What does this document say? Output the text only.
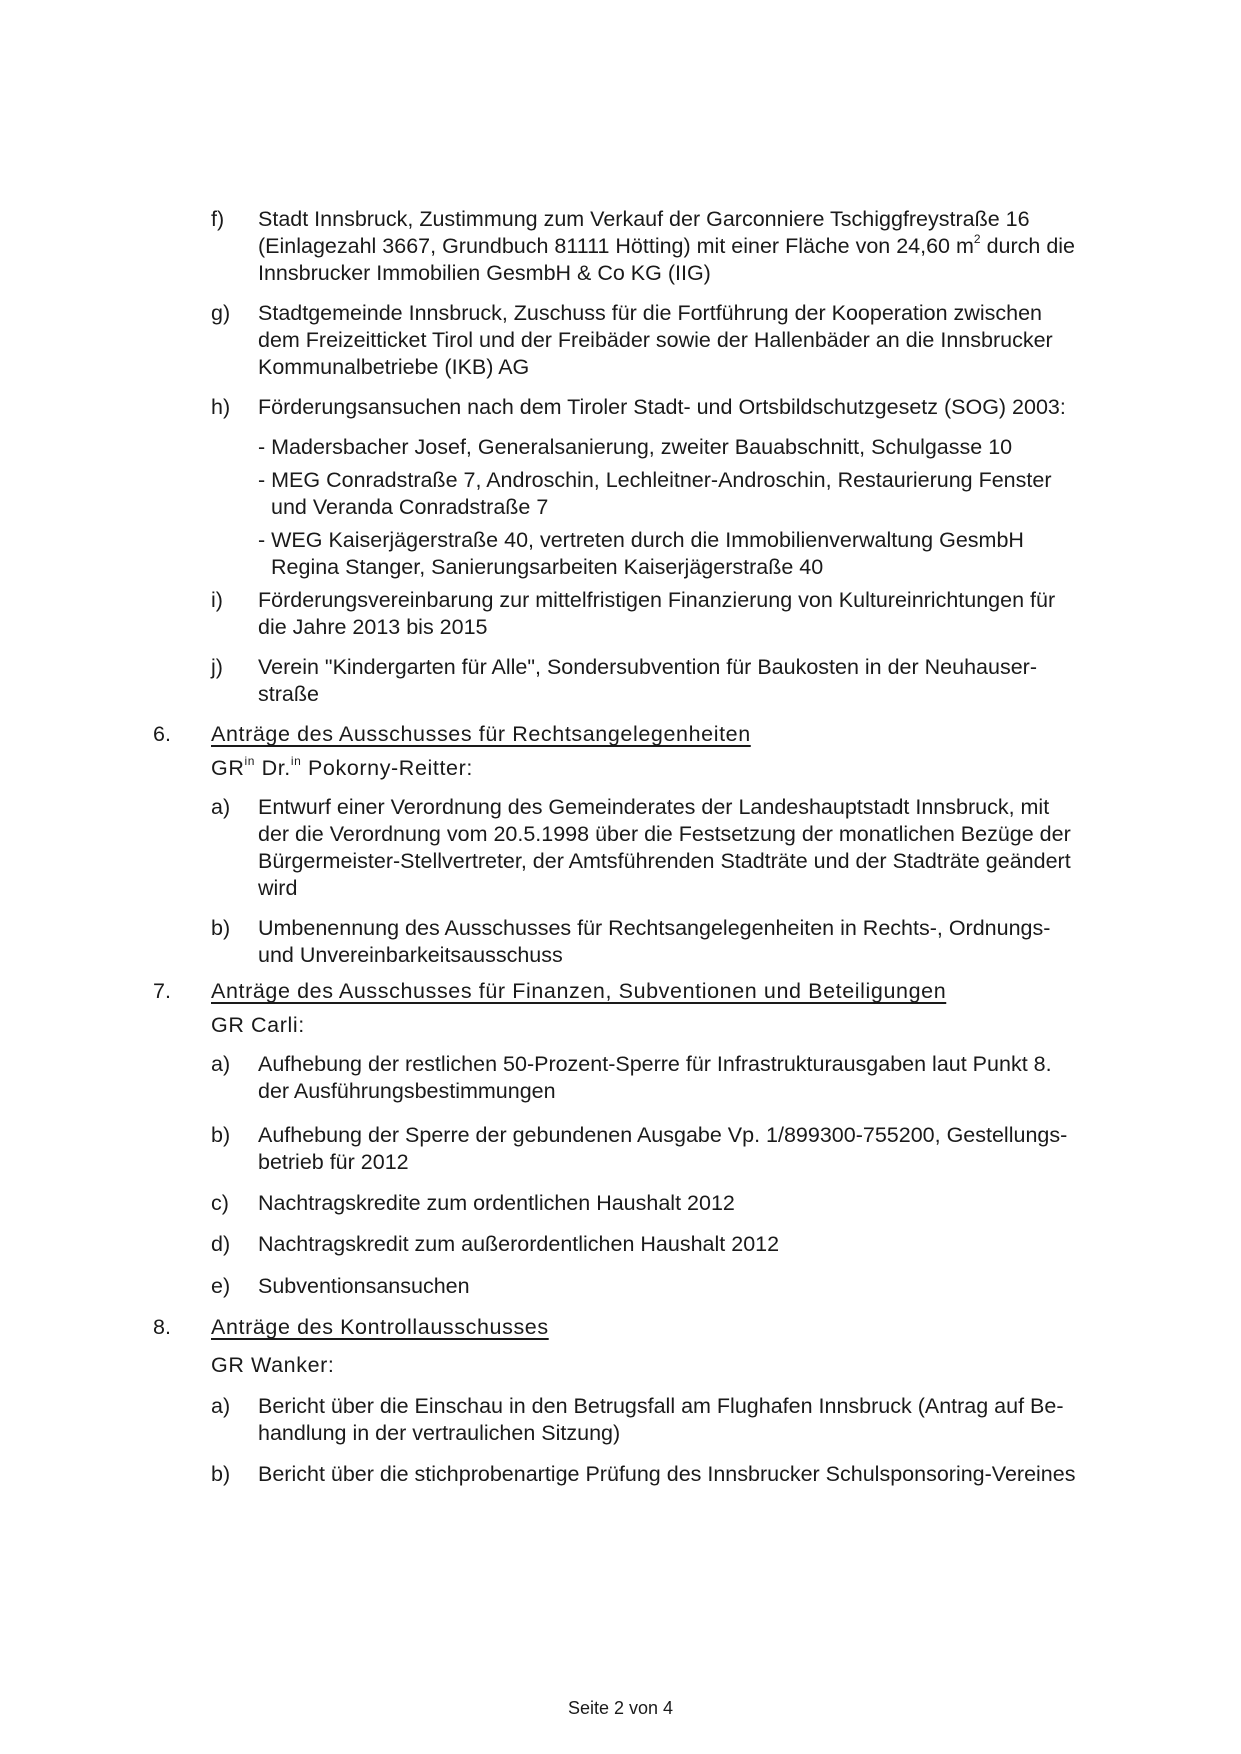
f) Stadt Innsbruck, Zustimmung zum Verkauf der Garconniere Tschiggfreystraße 16
(Einlagezahl 3667, Grundbuch 81111 Hötting) mit einer Fläche von 24,60 $m^2$ durch die
Innsbrucker Immobilien GesmbH & Co KG (IIG)
g) Stadtgemeinde Innsbruck, Zuschuss für die Fortführung der Kooperation zwischen
dem Freizeitticket Tirol und der Freibäder sowie der Hallenbäder an die Innsbrucker
Kommunalbetriebe (IKB) AG
h) Förderungsansuchen nach dem Tiroler Stadt- und Ortsbildschutzgesetz (SOG) 2003:
- Madersbacher Josef, Generalsanierung, zweiter Bauabschnitt, Schulgasse 10
- MEG Conradstraße 7, Androschin, Lechleitner-Androschin, Restaurierung Fenster
und Veranda Conradstraße 7
- WEG Kaiserjägerstraße 40, vertreten durch die Immobilienverwaltung GesmbH
Regina Stanger, Sanierungsarbeiten Kaiserjägerstraße 40
i) Förderungsvereinbarung zur mittelfristigen Finanzierung von Kultureinrichtungen für
die Jahre 2013 bis 2015
j) Verein "Kindergarten für Alle", Sondersubvention für Baukosten in der Neuhauser-
straße
6. Anträge des Ausschusses für Rechtsangelegenheiten
$GR^{in}$ Dr.$^{in}$ Pokorny-Reitter:
a) Entwurf einer Verordnung des Gemeinderates der Landeshauptstadt Innsbruck, mit
der die Verordnung vom 20.5.1998 über die Festsetzung der monatlichen Bezüge der
Bürgermeister-Stellvertreter, der Amtsführenden Stadträte und der Stadträte geändert
wird
b) Umbenennung des Ausschusses für Rechtsangelegenheiten in Rechts-, Ordnungs-
und Unvereinbarkeitsausschuss
7. Anträge des Ausschusses für Finanzen, Subventionen und Beteiligungen
GR Carli:
a) Aufhebung der restlichen 50-Prozent-Sperre für Infrastrukturausgaben laut Punkt 8.
der Ausführungsbestimmungen
b) Aufhebung der Sperre der gebundenen Ausgabe Vp. 1/899300-755200, Gestellungs-
betrieb für 2012
c) Nachtragskredite zum ordentlichen Haushalt 2012
d) Nachtragskredit zum außerordentlichen Haushalt 2012
e) Subventionsansuchen
8. Anträge des Kontrollausschusses
GR Wanker:
a) Bericht über die Einschau in den Betrugsfall am Flughafen Innsbruck (Antrag auf Be-
handlung in der vertraulichen Sitzung)
b) Bericht über die stichprobenartige Prüfung des Innsbrucker Schulsponsoring-Vereines
Seite 2 von 4
